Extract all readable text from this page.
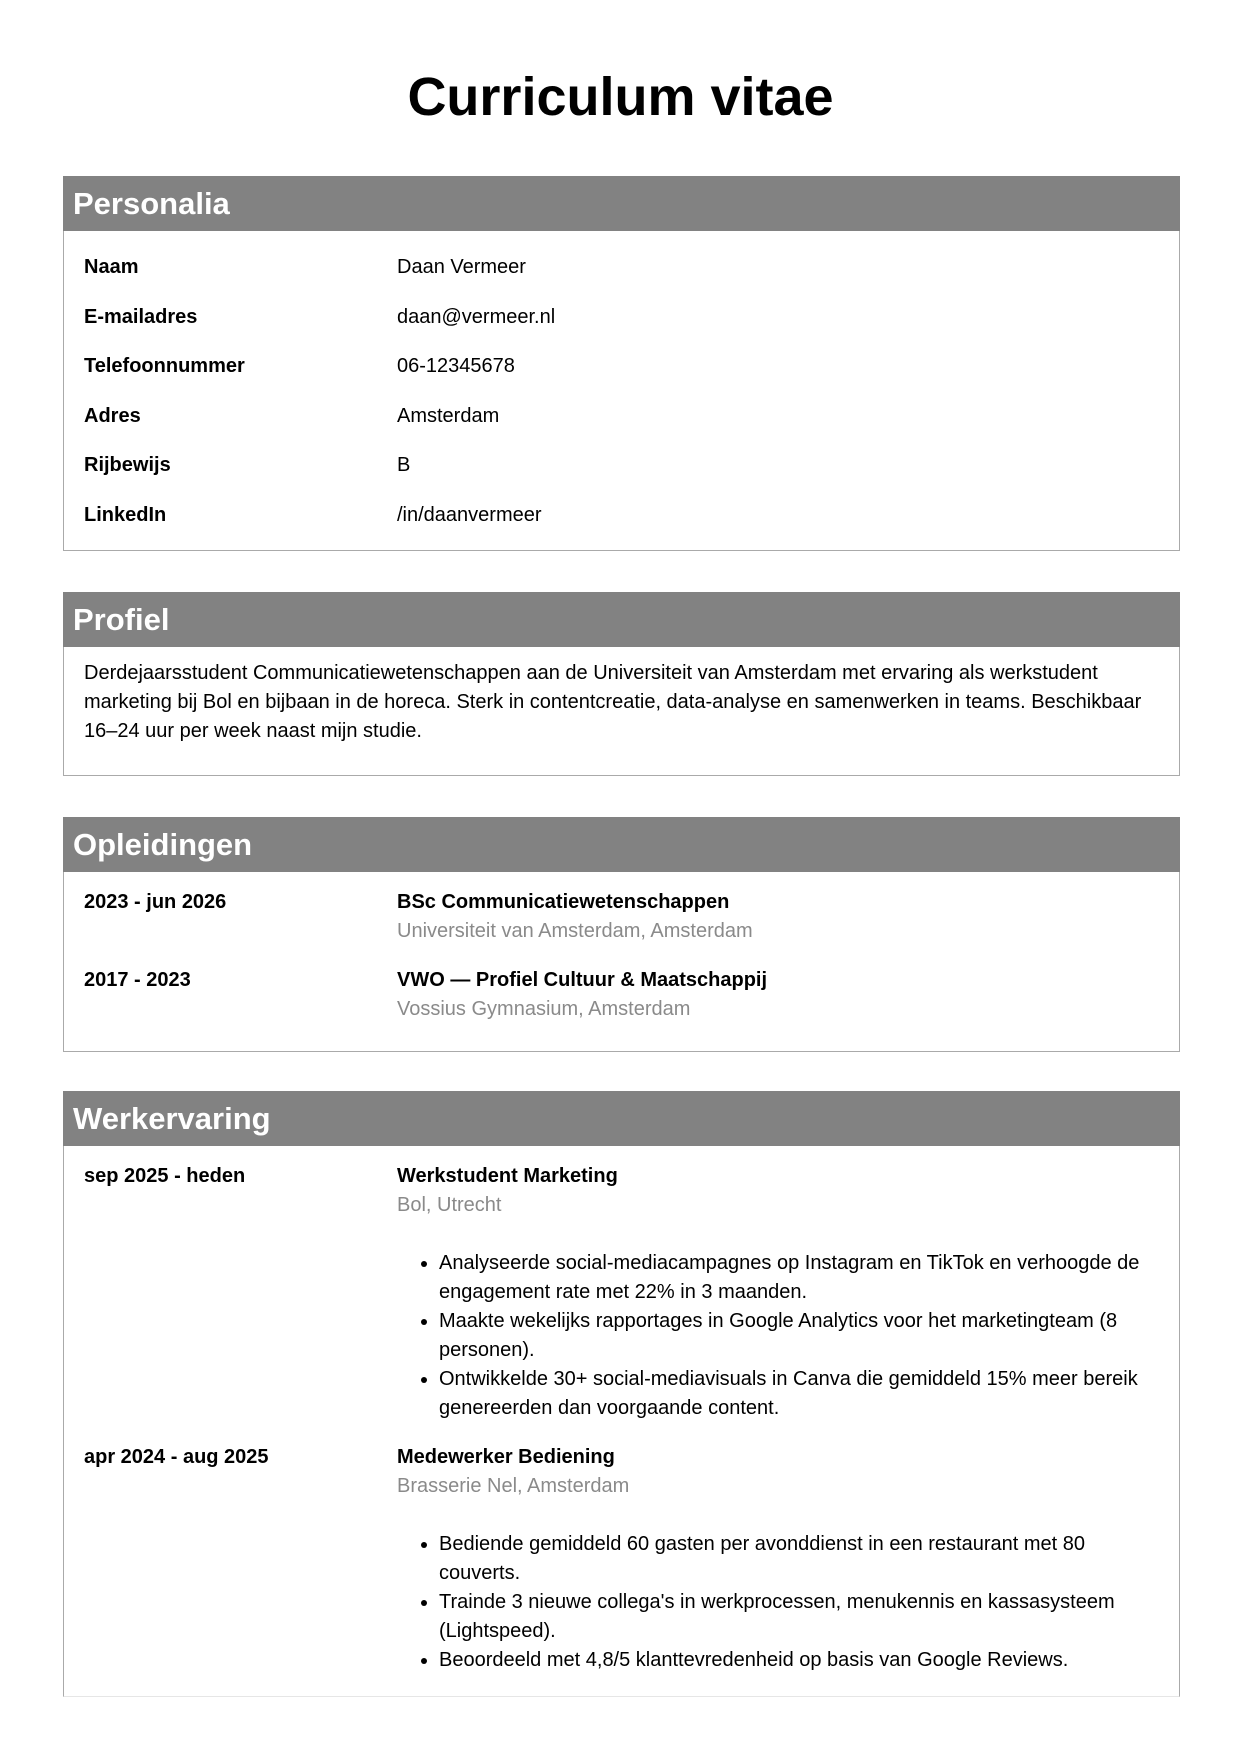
Curriculum vitae
Personalia
Naam	Daan Vermeer
E-mailadres	daan@vermeer.nl
Telefoonnummer	06-12345678
Adres	Amsterdam
Rijbewijs	B
LinkedIn	/in/daanvermeer
Profiel
Derdejaarsstudent Communicatiewetenschappen aan de Universiteit van Amsterdam met ervaring als werkstudent marketing bij Bol en bijbaan in de horeca. Sterk in contentcreatie, data-analyse en samenwerken in teams. Beschikbaar 16–24 uur per week naast mijn studie.
Opleidingen
2023 - jun 2026	BSc Communicatiewetenschappen
Universiteit van Amsterdam, Amsterdam
2017 - 2023	VWO — Profiel Cultuur & Maatschappij
Vossius Gymnasium, Amsterdam
Werkervaring
sep 2025 - heden	Werkstudent Marketing
Bol, Utrecht
• Analyseerde social-mediacampagnes op Instagram en TikTok en verhoogde de engagement rate met 22% in 3 maanden.
• Maakte wekelijks rapportages in Google Analytics voor het marketingteam (8 personen).
• Ontwikkelde 30+ social-mediavisuals in Canva die gemiddeld 15% meer bereik genereerden dan voorgaande content.
apr 2024 - aug 2025	Medewerker Bediening
Brasserie Nel, Amsterdam
• Bediende gemiddeld 60 gasten per avonddienst in een restaurant met 80 couverts.
• Trainde 3 nieuwe collega's in werkprocessen, menukennis en kassasysteem (Lightspeed).
• Beoordeeld met 4,8/5 klanttevredenheid op basis van Google Reviews.
